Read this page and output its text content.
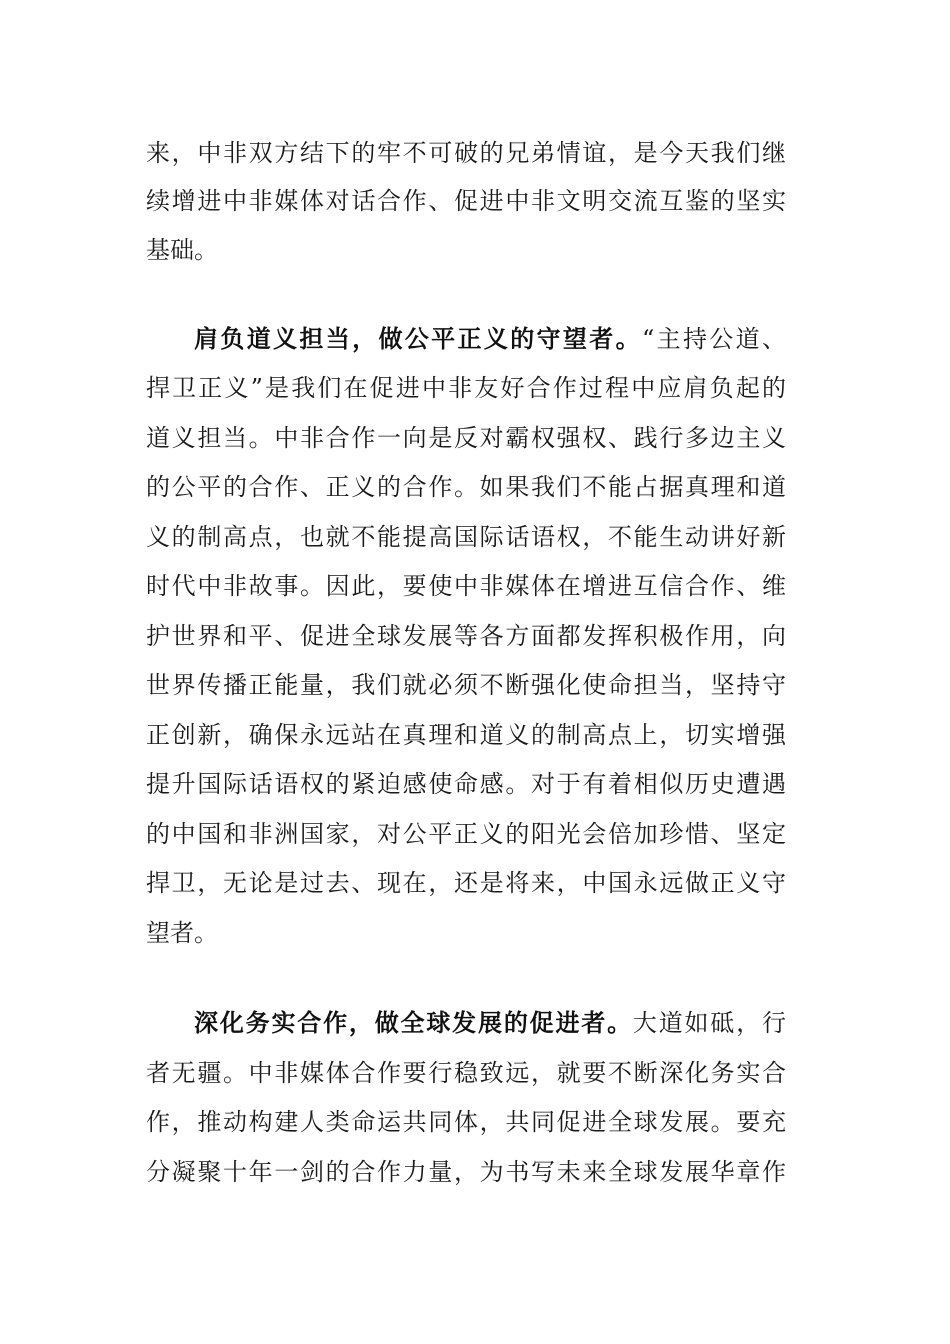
来，中非双方结下的牢不可破的兄弟情谊，是今天我们继

续增进中非媒体对话合作、促进中非文明交流互鉴的坚实

基础。

肩负道义担当，做公平正义的守望者。“主持公道、

捍卫正义”是我们在促进中非友好合作过程中应肩负起的

道义担当。中非合作一向是反对霸权强权、践行多边主义

的公平的合作、正义的合作。如果我们不能占据真理和道

义的制高点，也就不能提高国际话语权，不能生动讲好新

时代中非故事。因此，要使中非媒体在增进互信合作、维

护世界和平、促进全球发展等各方面都发挥积极作用，向

世界传播正能量，我们就必须不断强化使命担当，坚持守

正创新，确保永远站在真理和道义的制高点上，切实增强

提升国际话语权的紧迫感使命感。对于有着相似历史遭遇

的中国和非洲国家，对公平正义的阳光会倍加珍惜、坚定

捍卫，无论是过去、现在，还是将来，中国永远做正义守

望者。

深化务实合作，做全球发展的促进者。大道如砥，行

者无疆。中非媒体合作要行稳致远，就要不断深化务实合

作，推动构建人类命运共同体，共同促进全球发展。要充

分凝聚十年一剑的合作力量，为书写未来全球发展华章作
